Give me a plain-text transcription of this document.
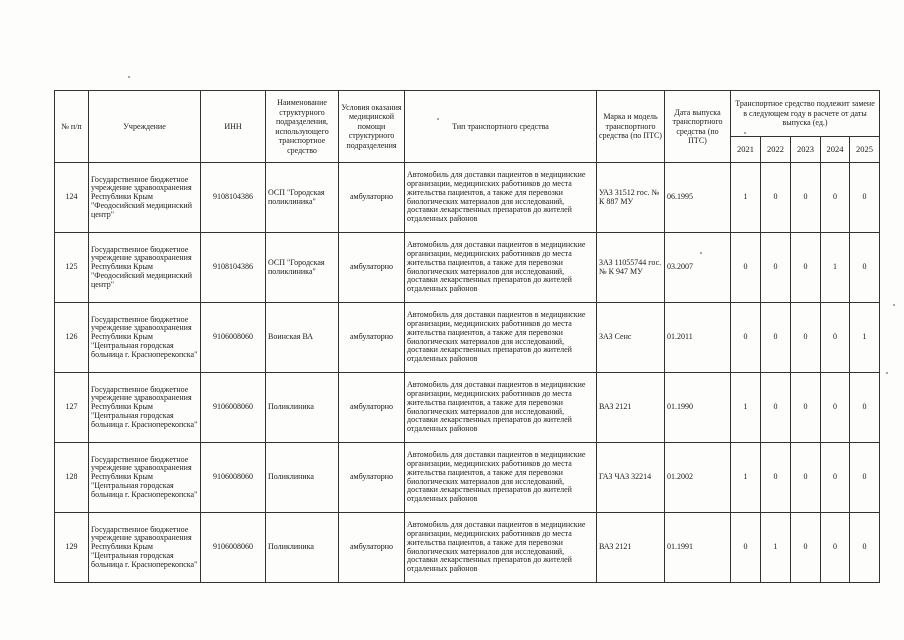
№ п/п	Учреждение	ИНН	Наименование структурного подразделения, использующего транспортное средство	Условия оказания медицинской помощи структурного подразделения	Тип транспортного средства	Марка и модель транспортного средства (по ПТС)	Дата выпуска транспортного средства (по ПТС)	Транспортное средство подлежит замене в следующем году в расчете от даты выпуска (ед.)				
								2021	2022	2023	2024	2025
124	Государственное бюджетное учреждение здравоохранения Республики Крым "Феодосийский медицинский центр"	9108104386	ОСП "Городская поликлиника"	амбулаторно	Автомобиль для доставки пациентов в медицинские организации, медицинских работников до места жительства пациентов, а также для перевозки биологических материалов для исследований, доставки лекарственных препаратов до жителей отдаленных районов	УАЗ 31512 гос. № К 887 МУ	06.1995	1	0	0	0	0
125	Государственное бюджетное учреждение здравоохранения Республики Крым "Феодосийский медицинский центр"	9108104386	ОСП "Городская поликлиника"	амбулаторно	Автомобиль для доставки пациентов в медицинские организации, медицинских работников до места жительства пациентов, а также для перевозки биологических материалов для исследований, доставки лекарственных препаратов до жителей отдаленных районов	ЗАЗ 11055744 гос. № К 947 МУ	03.2007	0	0	0	1	0
126	Государственное бюджетное учреждение здравоохранения Республики Крым "Центральная городская больница г. Красноперекопска"	9106008060	Воинская ВА	амбулаторно	Автомобиль для доставки пациентов в медицинские организации, медицинских работников до места жительства пациентов, а также для перевозки биологических материалов для исследований, доставки лекарственных препаратов до жителей отдаленных районов	ЗАЗ Сенс	01.2011	0	0	0	0	1
127	Государственное бюджетное учреждение здравоохранения Республики Крым "Центральная городская больница г. Красноперекопска"	9106008060	Поликлиника	амбулаторно	Автомобиль для доставки пациентов в медицинские организации, медицинских работников до места жительства пациентов, а также для перевозки биологических материалов для исследований, доставки лекарственных препаратов до жителей отдаленных районов	ВАЗ 2121	01.1990	1	0	0	0	0
128	Государственное бюджетное учреждение здравоохранения Республики Крым "Центральная городская больница г. Красноперекопска"	9106008060	Поликлиника	амбулаторно	Автомобиль для доставки пациентов в медицинские организации, медицинских работников до места жительства пациентов, а также для перевозки биологических материалов для исследований, доставки лекарственных препаратов до жителей отдаленных районов	ГАЗ ЧАЗ 32214	01.2002	1	0	0	0	0
129	Государственное бюджетное учреждение здравоохранения Республики Крым "Центральная городская больница г. Красноперекопска"	9106008060	Поликлиника	амбулаторно	Автомобиль для доставки пациентов в медицинские организации, медицинских работников до места жительства пациентов, а также для перевозки биологических материалов для исследований, доставки лекарственных препаратов до жителей отдаленных районов	ВАЗ 2121	01.1991	0	1	0	0	0
